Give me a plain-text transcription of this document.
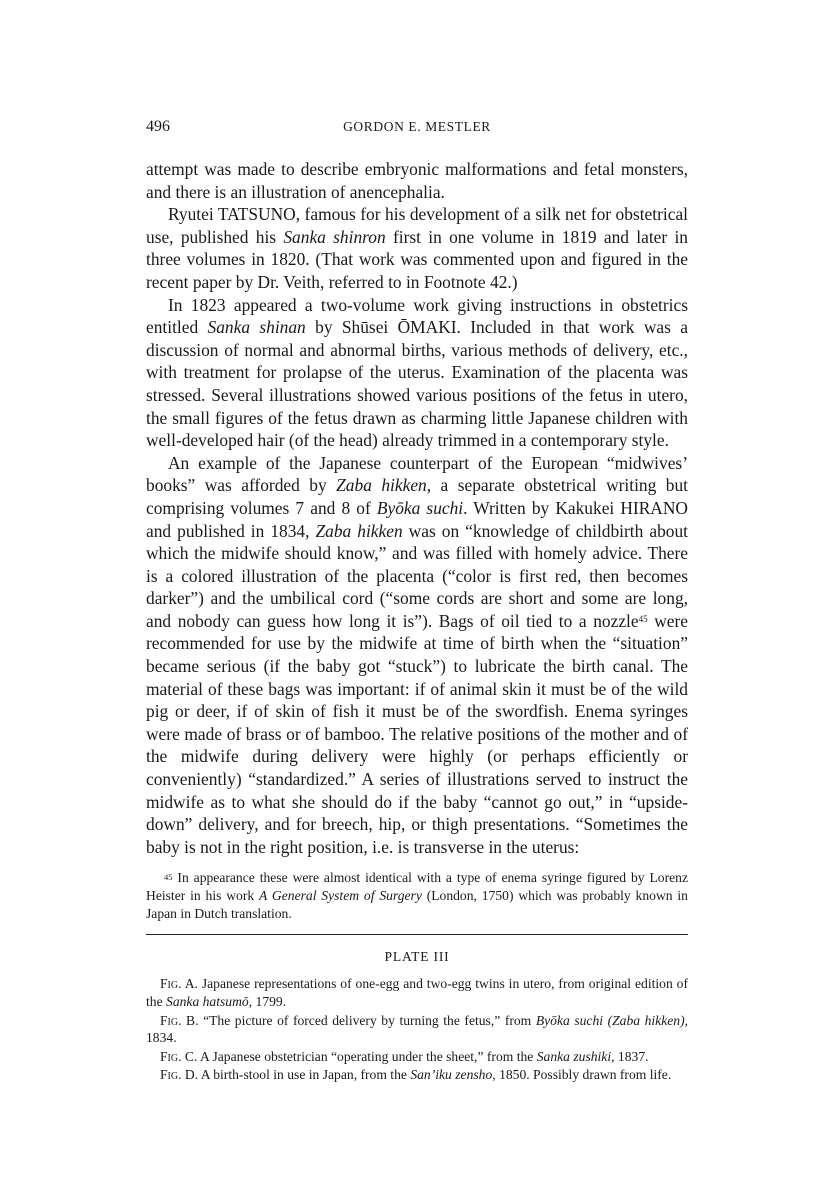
496	GORDON E. MESTLER

attempt was made to describe embryonic malformations and fetal monsters, and there is an illustration of anencephalia.

Ryutei TATSUNO, famous for his development of a silk net for obstetrical use, published his Sanka shinron first in one volume in 1819 and later in three volumes in 1820. (That work was commented upon and figured in the recent paper by Dr. Veith, referred to in Footnote 42.)

In 1823 appeared a two-volume work giving instructions in obstetrics entitled Sanka shinan by Shūsei ŌMAKI. Included in that work was a discussion of normal and abnormal births, various methods of delivery, etc., with treatment for prolapse of the uterus. Examination of the placenta was stressed. Several illustrations showed various positions of the fetus in utero, the small figures of the fetus drawn as charming little Japanese children with well-developed hair (of the head) already trimmed in a contemporary style.

An example of the Japanese counterpart of the European “midwives’ books” was afforded by Zaba hikken, a separate obstetrical writing but comprising volumes 7 and 8 of Byōka suchi. Written by Kakukei HIRANO and published in 1834, Zaba hikken was on “knowledge of childbirth about which the midwife should know,” and was filled with homely advice. There is a colored illustration of the placenta (“color is first red, then becomes darker”) and the umbilical cord (“some cords are short and some are long, and nobody can guess how long it is”). Bags of oil tied to a nozzle$^{45}$ were recommended for use by the midwife at time of birth when the “situation” became serious (if the baby got “stuck”) to lubricate the birth canal. The material of these bags was important: if of animal skin it must be of the wild pig or deer, if of skin of fish it must be of the swordfish. Enema syringes were made of brass or of bamboo. The relative positions of the mother and of the midwife during delivery were highly (or perhaps efficiently or conveniently) “standardized.” A series of illustrations served to instruct the midwife as to what she should do if the baby “cannot go out,” in “upside-down” delivery, and for breech, hip, or thigh presentations. “Sometimes the baby is not in the right position, i.e. is transverse in the uterus:

$^{45}$ In appearance these were almost identical with a type of enema syringe figured by Lorenz Heister in his work A General System of Surgery (London, 1750) which was probably known in Japan in Dutch translation.
PLATE III

Fig. A. Japanese representations of one-egg and two-egg twins in utero, from original edition of the Sanka hatsumō, 1799.

Fig. B. “The picture of forced delivery by turning the fetus,” from Byōka suchi (Zaba hikken), 1834.

Fig. C. A Japanese obstetrician “operating under the sheet,” from the Sanka zushiki, 1837.

Fig. D. A birth-stool in use in Japan, from the San’iku zensho, 1850. Possibly drawn from life.
